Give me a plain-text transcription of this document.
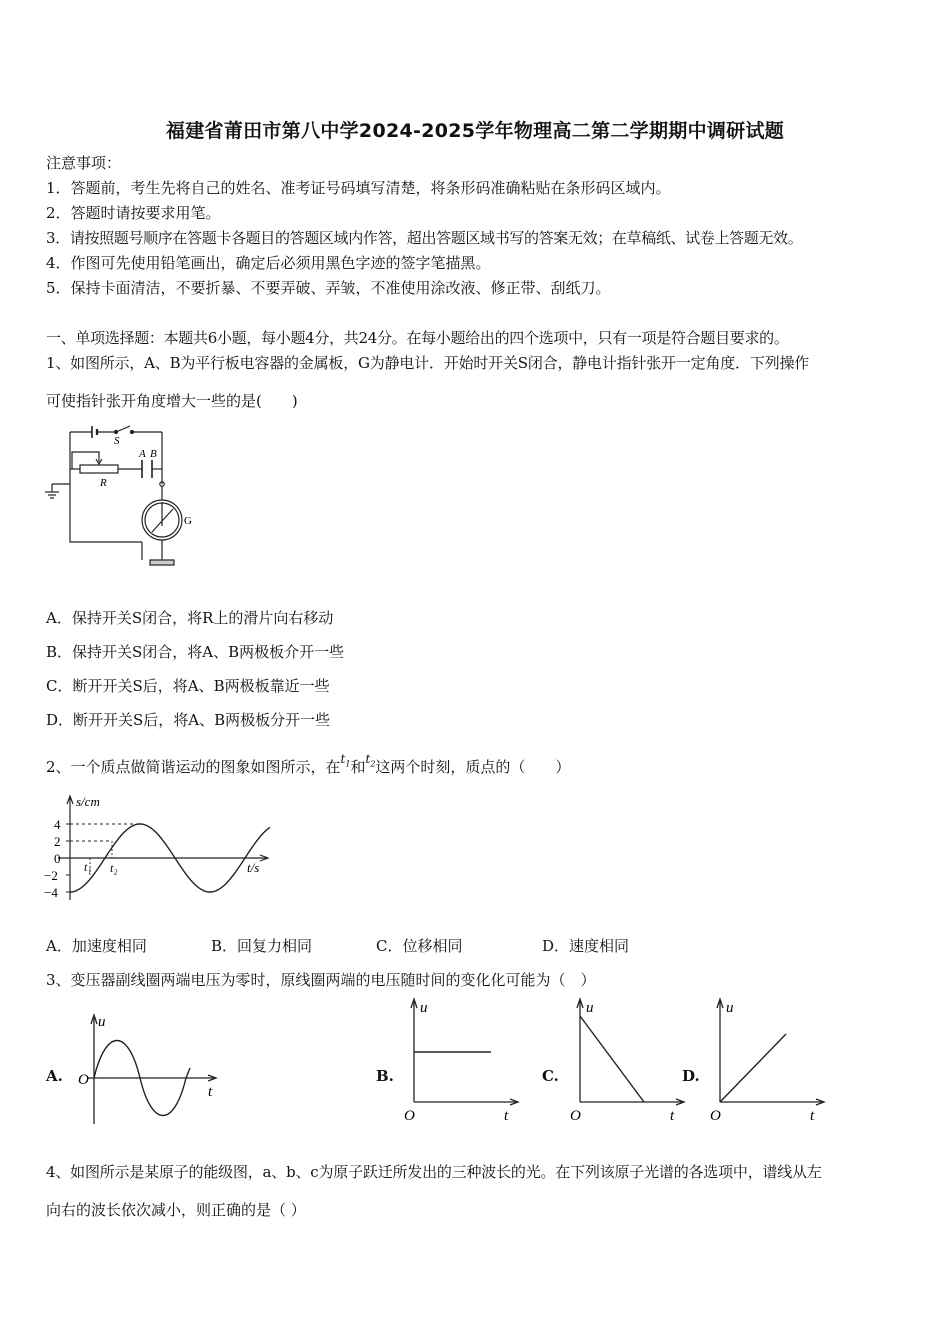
福建省莆田市第八中学2024-2025学年物理高二第二学期期中调研试题
注意事项：
1．答题前，考生先将自己的姓名、准考证号码填写清楚，将条形码准确粘贴在条形码区域内。
2．答题时请按要求用笔。
3．请按照题号顺序在答题卡各题目的答题区域内作答，超出答题区域书写的答案无效；在草稿纸、试卷上答题无效。
4．作图可先使用铅笔画出，确定后必须用黑色字迹的签字笔描黑。
5．保持卡面清洁，不要折暴、不要弄破、弄皱，不准使用涂改液、修正带、刮纸刀。
一、单项选择题：本题共6小题，每小题4分，共24分。在每小题给出的四个选项中，只有一项是符合题目要求的。
1、如图所示，A、B为平行板电容器的金属板，G为静电计．开始时开关S闭合，静电计指针张开一定角度．下列操作
可使指针张开角度增大一些的是(　　)
S
A B
R
G
A．保持开关S闭合，将R上的滑片向右移动
B．保持开关S闭合，将A、B两极板介开一些
C．断开开关S后，将A、B两极板靠近一些
D．断开开关S后，将A、B两极板分开一些
2、一个质点做简谐运动的图象如图所示，在$^{t_1}$和$^{t_2}$这两个时刻，质点的（　　）
s/cm
t/s
4
2
0
−2
−4
t₁ t₂
A．加速度相同	B．回复力相同	C．位移相同	D．速度相同
3、变压器副线圈两端电压为零时，原线圈两端的电压随时间的变化化可能为（　）
A.
u
O
t
B.
u
O	t
C.
u
O	t
D.
u
O	t
4、如图所示是某原子的能级图，a、b、c为原子跃迁所发出的三种波长的光。在下列该原子光谱的各选项中，谱线从左
向右的波长依次减小，则正确的是（ ）
